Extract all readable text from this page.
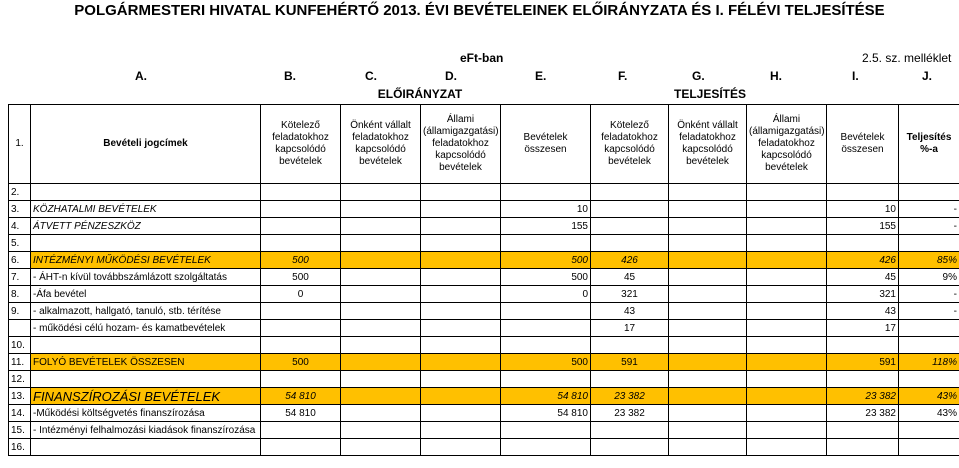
POLGÁRMESTERI HIVATAL KUNFEHÉRTŐ 2013. ÉVI BEVÉTELEINEK ELŐIRÁNYZATA ÉS I. FÉLÉVI TELJESÍTÉSE
eFt-ban	2.5. sz. melléklet
A.	B.	C.	D.	E.	F.	G.	H.	I.	J.
ELŐIRÁNYZAT	TELJESÍTÉS
1.	Bevételi jogcímek	Kötelező feladatokhoz kapcsolódó bevételek	Önként vállalt feladatokhoz kapcsolódó bevételek	Állami (államigazgatási) feladatokhoz kapcsolódó bevételek	Bevételek összesen	Kötelező feladatokhoz kapcsolódó bevételek	Önként vállalt feladatokhoz kapcsolódó bevételek	Állami (államigazgatási) feladatokhoz kapcsolódó bevételek	Bevételek összesen	Teljesítés %-a
2.										
3.	KÖZHATALMI BEVÉTELEK				10				10	-
4.	ÁTVETT PÉNZESZKÖZ				155				155	-
5.										
6.	INTÉZMÉNYI MŰKÖDÉSI BEVÉTELEK	500			500	426			426	85%
7.	- ÁHT-n kívül továbbszámlázott szolgáltatás	500			500	45			45	9%
8.	-Áfa bevétel	0			0	321			321	-
9.	- alkalmazott, hallgató, tanuló, stb. térítése					43			43	-
	- működési célú hozam- és kamatbevételek					17			17	
10.										
11.	FOLYÓ BEVÉTELEK ÖSSZESEN	500			500	591			591	118%
12.										
13.	FINANSZÍROZÁSI BEVÉTELEK	54 810			54 810	23 382			23 382	43%
14.	-Működési költségvetés finanszírozása	54 810			54 810	23 382			23 382	43%
15.	- Intézményi felhalmozási kiadások finanszírozása									
16.										
